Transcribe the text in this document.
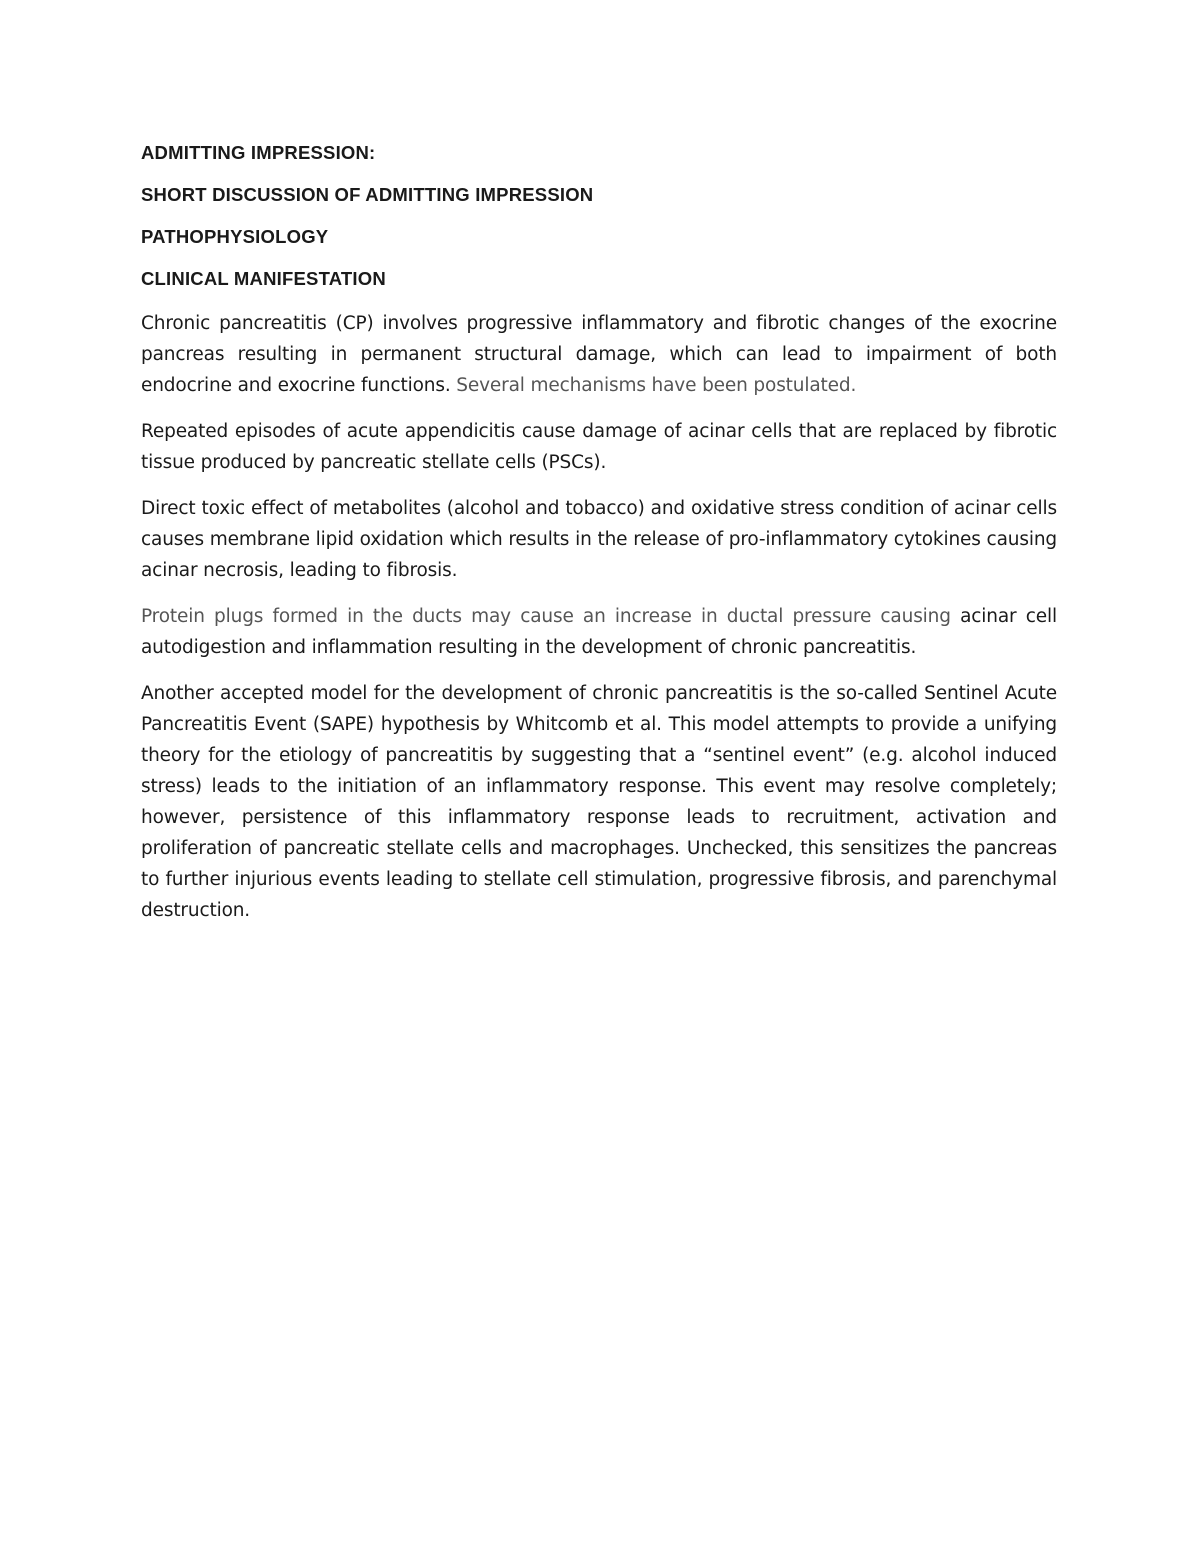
ADMITTING IMPRESSION:
SHORT DISCUSSION OF ADMITTING IMPRESSION
PATHOPHYSIOLOGY
CLINICAL MANIFESTATION

Chronic pancreatitis (CP) involves progressive inflammatory and fibrotic changes of the exocrine pancreas resulting in permanent structural damage, which can lead to impairment of both endocrine and exocrine functions. Several mechanisms have been postulated.

Repeated episodes of acute appendicitis cause damage of acinar cells that are replaced by fibrotic tissue produced by pancreatic stellate cells (PSCs).

Direct toxic effect of metabolites (alcohol and tobacco) and oxidative stress condition of acinar cells causes membrane lipid oxidation which results in the release of pro-inflammatory cytokines causing acinar necrosis, leading to fibrosis.

Protein plugs formed in the ducts may cause an increase in ductal pressure causing acinar cell autodigestion and inflammation resulting in the development of chronic pancreatitis.

Another accepted model for the development of chronic pancreatitis is the so-called Sentinel Acute Pancreatitis Event (SAPE) hypothesis by Whitcomb et al. This model attempts to provide a unifying theory for the etiology of pancreatitis by suggesting that a “sentinel event” (e.g. alcohol induced stress) leads to the initiation of an inflammatory response. This event may resolve completely; however, persistence of this inflammatory response leads to recruitment, activation and proliferation of pancreatic stellate cells and macrophages. Unchecked, this sensitizes the pancreas to further injurious events leading to stellate cell stimulation, progressive fibrosis, and parenchymal destruction.
